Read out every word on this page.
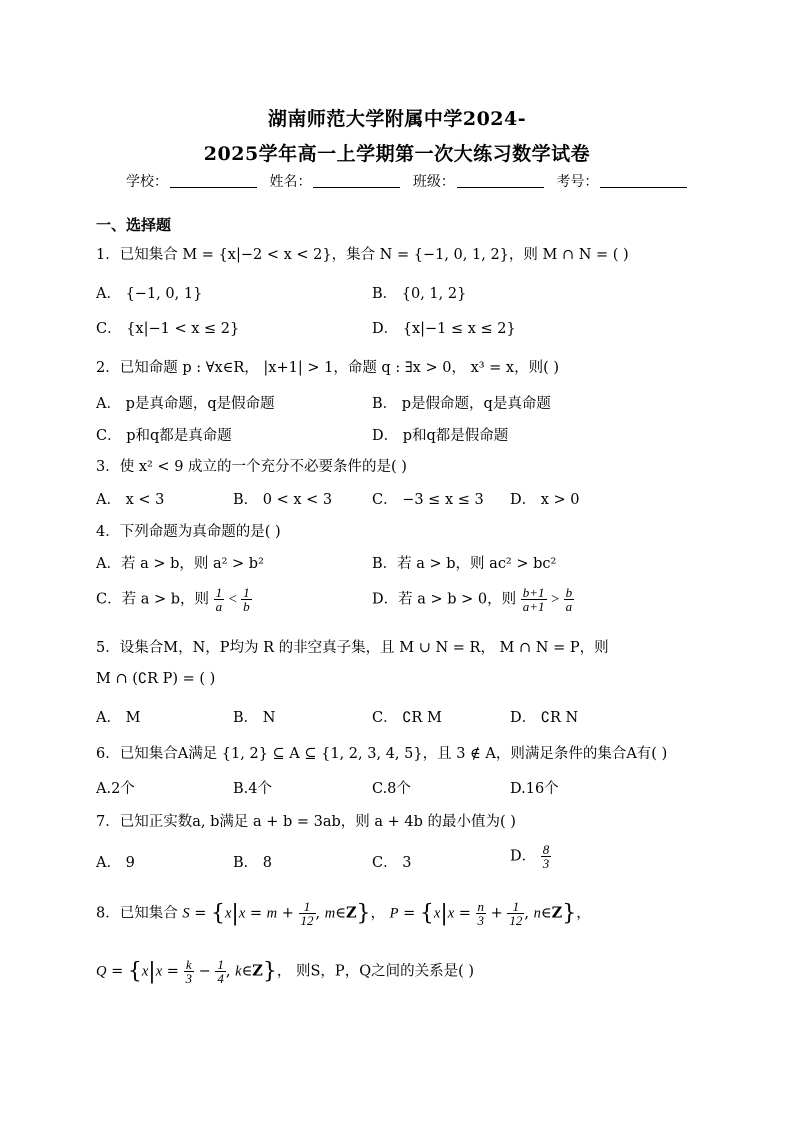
湖南师范大学附属中学2024-
2025学年高一上学期第一次大练习数学试卷
学校：	姓名：	班级：	考号：
一、选择题
1．已知集合 M = {x|−2 < x < 2}，集合 N = {−1, 0, 1, 2}，则 M ∩ N = ( )
A． {−1, 0, 1}	B． {0, 1, 2}
C． {x|−1 < x ≤ 2}	D． {x|−1 ≤ x ≤ 2}
2．已知命题 p : ∀x∈R， |x+1| > 1，命题 q : ∃x > 0， x³ = x，则( )
A． p是真命题，q是假命题	B． p是假命题，q是真命题
C． p和q都是真命题	D． p和q都是假命题
3．使 x² < 9 成立的一个充分不必要条件的是( )
A． x < 3	B． 0 < x < 3	C． −3 ≤ x ≤ 3 D． x > 0
4．下列命题为真命题的是( )
A．若 a > b，则 a² > b²	B．若 a > b，则 ac² > bc²
C．若 a > b，则 $\frac{1}{a} < \frac{1}{b}$	D．若 a > b > 0，则 $\frac{b+1}{a+1} > \frac{b}{a}$
5．设集合M，N，P均为 R 的非空真子集，且 M ∪ N = R， M ∩ N = P，则
M ∩ (∁R P) = ( )
A． M	B． N	C． ∁R M	D． ∁R N
6．已知集合A满足 {1, 2} ⊆ A ⊆ {1, 2, 3, 4, 5}，且 3 ∉ A，则满足条件的集合A有( )
A.2个	B.4个	C.8个	D.16个
7．已知正实数a, b满足 a + b = 3ab，则 a + 4b 的最小值为( )
A． 9	B． 8	C． 3	D． $\frac{8}{3}$
8．已知集合 $S = \{x|x = m + \frac{1}{12}$ , m∈Z}， $P = \{x|x = \frac{n}{3} + \frac{1}{12}$ , n∈Z}，
$Q = \{x|x = \frac{k}{3} - \frac{1}{4}$ , k∈Z}， 则S，P，Q之间的关系是( )
